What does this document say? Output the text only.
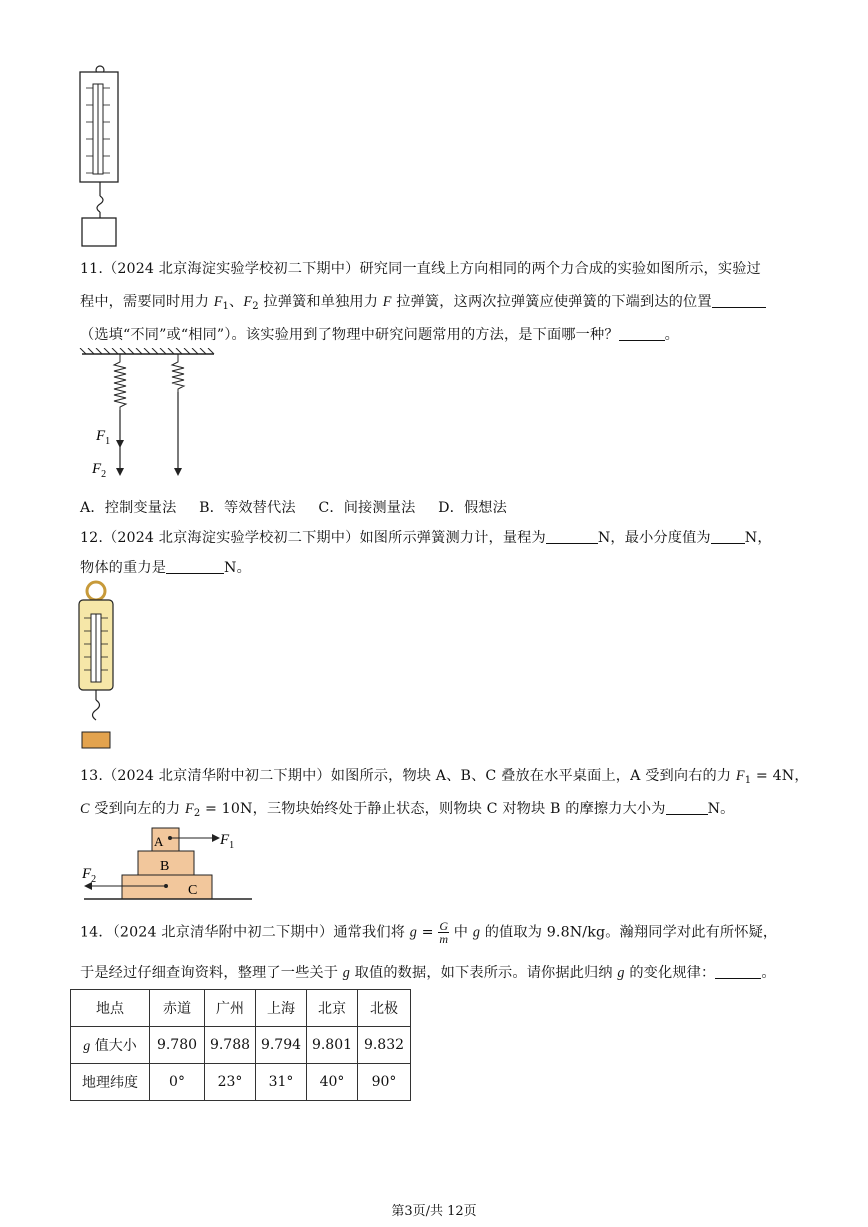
11.（2024 北京海淀实验学校初二下期中）研究同一直线上方向相同的两个力合成的实验如图所示，实验过
程中，需要同时用力 $F_1$、$F_2$ 拉弹簧和单独用力 F 拉弹簧，这两次拉弹簧应使弹簧的下端到达的位置
（选填“不同”或“相同”）。该实验用到了物理中研究问题常用的方法，是下面哪一种？	。
$F_1$
$F_2$
A．控制变量法 B．等效替代法 C．间接测量法 D．假想法
12.（2024 北京海淀实验学校初二下期中）如图所示弹簧测力计，量程为	N，最小分度值为 N，
物体的重力是	N。
13.（2024 北京清华附中初二下期中）如图所示，物块 A、B、C 叠放在水平桌面上，A 受到向右的力 $F_1 = 4N$，
C 受到向左的力 $F_2 = 10N$，三物块始终处于静止状态，则物块 C 对物块 B 的摩擦力大小为	N。
A
B
C
$F_1$
$F_2$
14．（2024 北京清华附中初二下期中）通常我们将 $g = \frac{G}{m}$ 中 g 的值取为 9.8N/kg。瀚翔同学对此有所怀疑，
于是经过仔细查询资料，整理了一些关于 g 取值的数据，如下表所示。请你据此归纳 g 的变化规律：	。
地点	赤道	广州	上海	北京	北极
g 值大小	9.780	9.788	9.794	9.801	9.832
地理纬度	0°	23°	31°	40°	90°
第3页/共 12页
